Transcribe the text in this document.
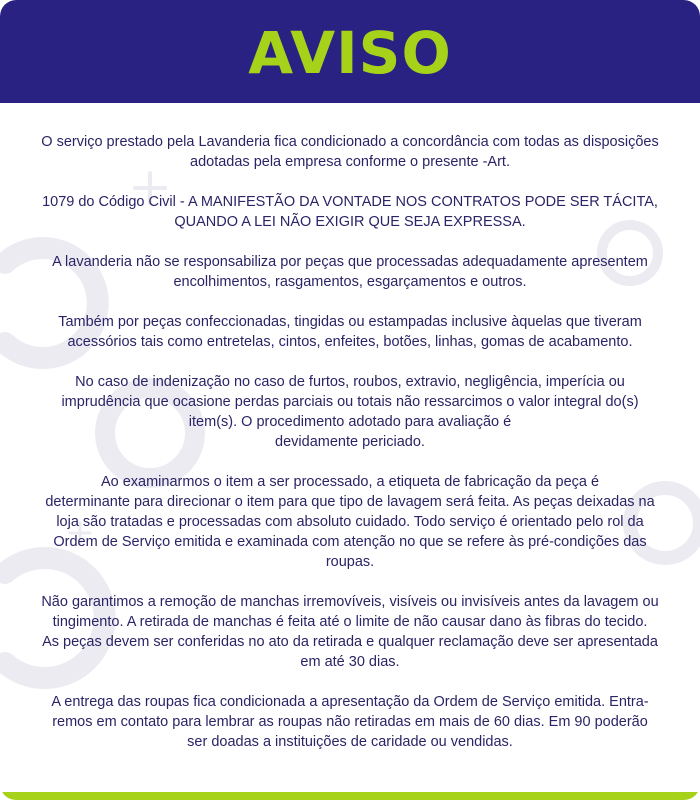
AVISO

O serviço prestado pela Lavanderia fica condicionado a concordância com todas as disposições
adotadas pela empresa conforme o presente -Art.

1079 do Código Civil - A MANIFESTÃO DA VONTADE NOS CONTRATOS PODE SER TÁCITA,
QUANDO A LEI NÃO EXIGIR QUE SEJA EXPRESSA.

A lavanderia não se responsabiliza por peças que processadas adequadamente apresentem
encolhimentos, rasgamentos, esgarçamentos e outros.

Também por peças confeccionadas, tingidas ou estampadas inclusive àquelas que tiveram
acessórios tais como entretelas, cintos, enfeites, botões, linhas, gomas de acabamento.

No caso de indenização no caso de furtos, roubos, extravio, negligência, imperícia ou
imprudência que ocasione perdas parciais ou totais não ressarcimos o valor integral do(s)
item(s). O procedimento adotado para avaliação é
devidamente periciado.

Ao examinarmos o item a ser processado, a etiqueta de fabricação da peça é
determinante para direcionar o item para que tipo de lavagem será feita. As peças deixadas na
loja são tratadas e processadas com absoluto cuidado. Todo serviço é orientado pelo rol da
Ordem de Serviço emitida e examinada com atenção no que se refere às pré-condições das
roupas.

Não garantimos a remoção de manchas irremovíveis, visíveis ou invisíveis antes da lavagem ou
tingimento. A retirada de manchas é feita até o limite de não causar dano às fibras do tecido.
As peças devem ser conferidas no ato da retirada e qualquer reclamação deve ser apresentada
em até 30 dias.

A entrega das roupas fica condicionada a apresentação da Ordem de Serviço emitida. Entra-
remos em contato para lembrar as roupas não retiradas em mais de 60 dias. Em 90 poderão
ser doadas a instituições de caridade ou vendidas.
